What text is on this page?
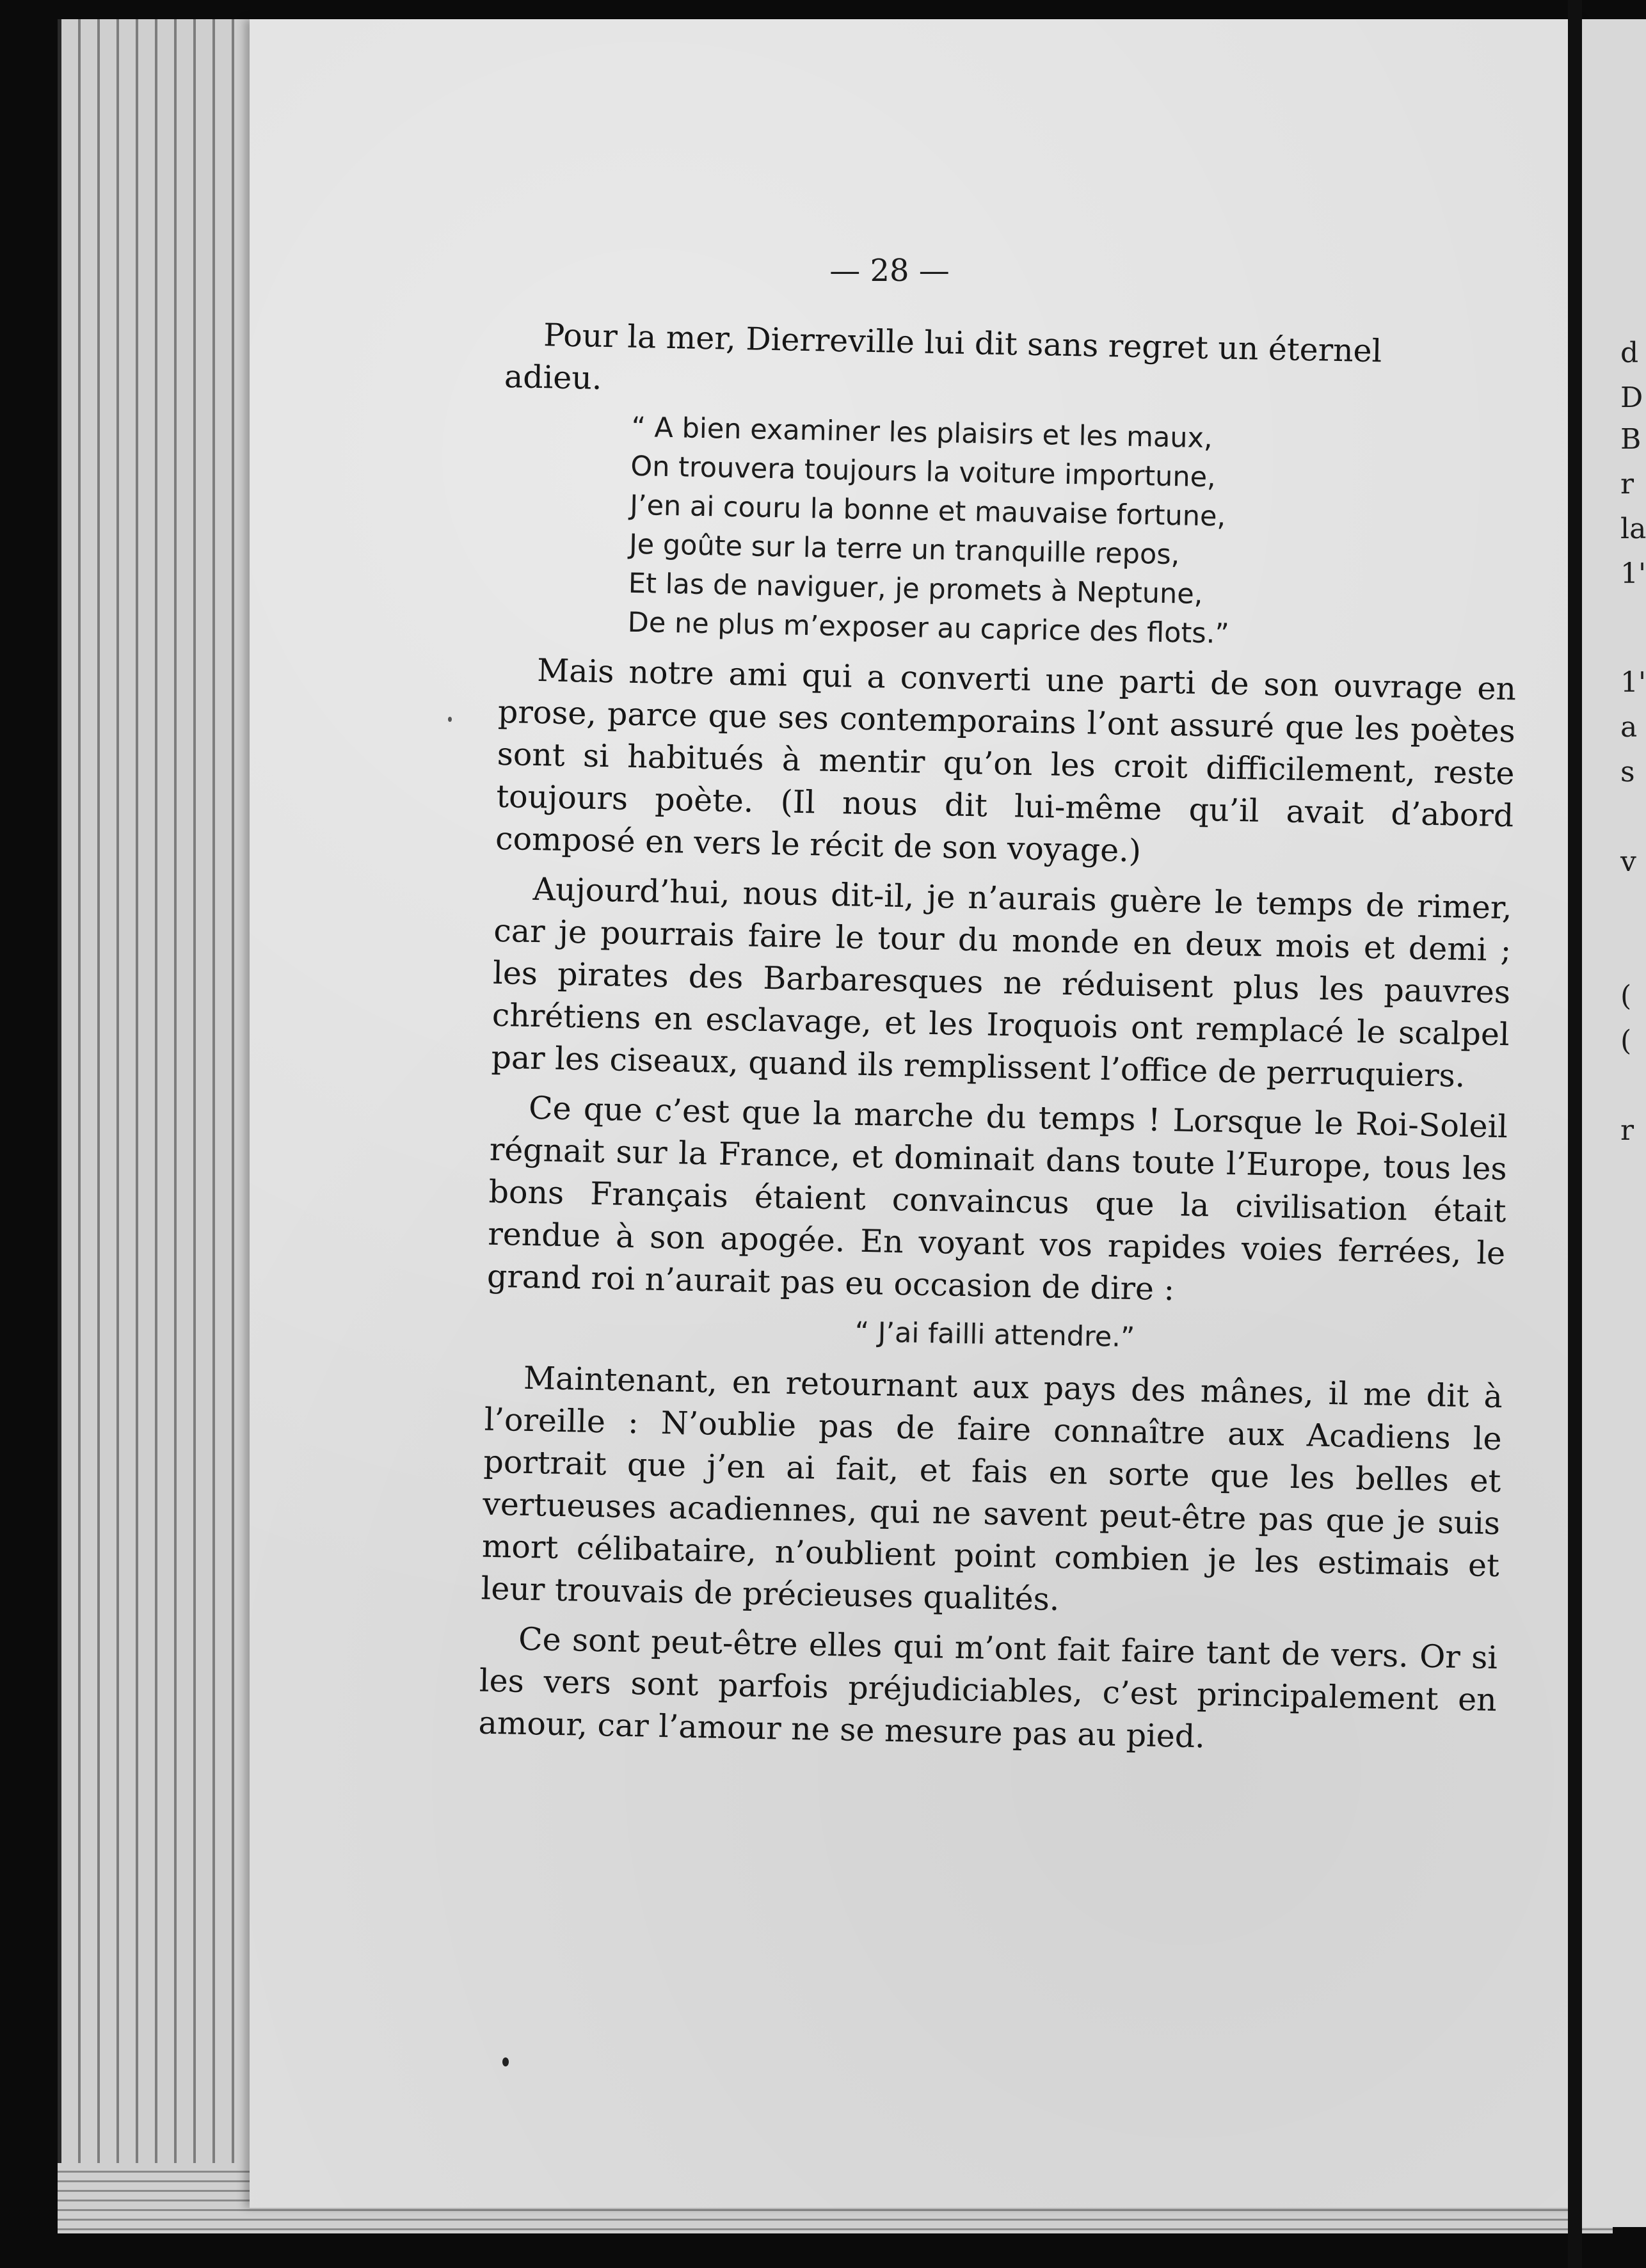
d
D
B
r
la
1'
1'
a
s
v
(
(
r
— 28 —

Pour la mer, Dierreville lui dit sans regret un éternel
adieu.

“ A bien examiner les plaisirs et les maux,
On trouvera toujours la voiture importune,
J’en ai couru la bonne et mauvaise fortune,
Je goûte sur la terre un tranquille repos,
Et las de naviguer, je promets à Neptune,
De ne plus m’exposer au caprice des flots.”

Mais notre ami qui a converti une parti de son ouvrage en prose, parce que ses contemporains l’ont assuré que les poètes sont si habitués à mentir qu’on les croit difficilement, reste toujours poète. (Il nous dit lui-même qu’il avait d’abord composé en vers le récit de son voyage.)

Aujourd’hui, nous dit-il, je n’aurais guère le temps de rimer, car je pourrais faire le tour du monde en deux mois et demi ; les pirates des Barbaresques ne réduisent plus les pauvres chrétiens en esclavage, et les Iroquois ont remplacé le scalpel par les ciseaux, quand ils remplissent l’office de perruquiers.

Ce que c’est que la marche du temps ! Lorsque le Roi-Soleil régnait sur la France, et dominait dans toute l’Europe, tous les bons Français étaient convaincus que la civilisation était rendue à son apogée. En voyant vos rapides voies ferrées, le grand roi n’aurait pas eu occasion de dire :

“ J’ai failli attendre.”

Maintenant, en retournant aux pays des mânes, il me dit à l’oreille : N’oublie pas de faire connaître aux Acadiens le portrait que j’en ai fait, et fais en sorte que les belles et vertueuses acadiennes, qui ne savent peut-être pas que je suis mort célibataire, n’oublient point combien je les estimais et leur trouvais de précieuses qualités.

Ce sont peut-être elles qui m’ont fait faire tant de vers. Or si les vers sont parfois préjudiciables, c’est principalement en amour, car l’amour ne se mesure pas au pied.
